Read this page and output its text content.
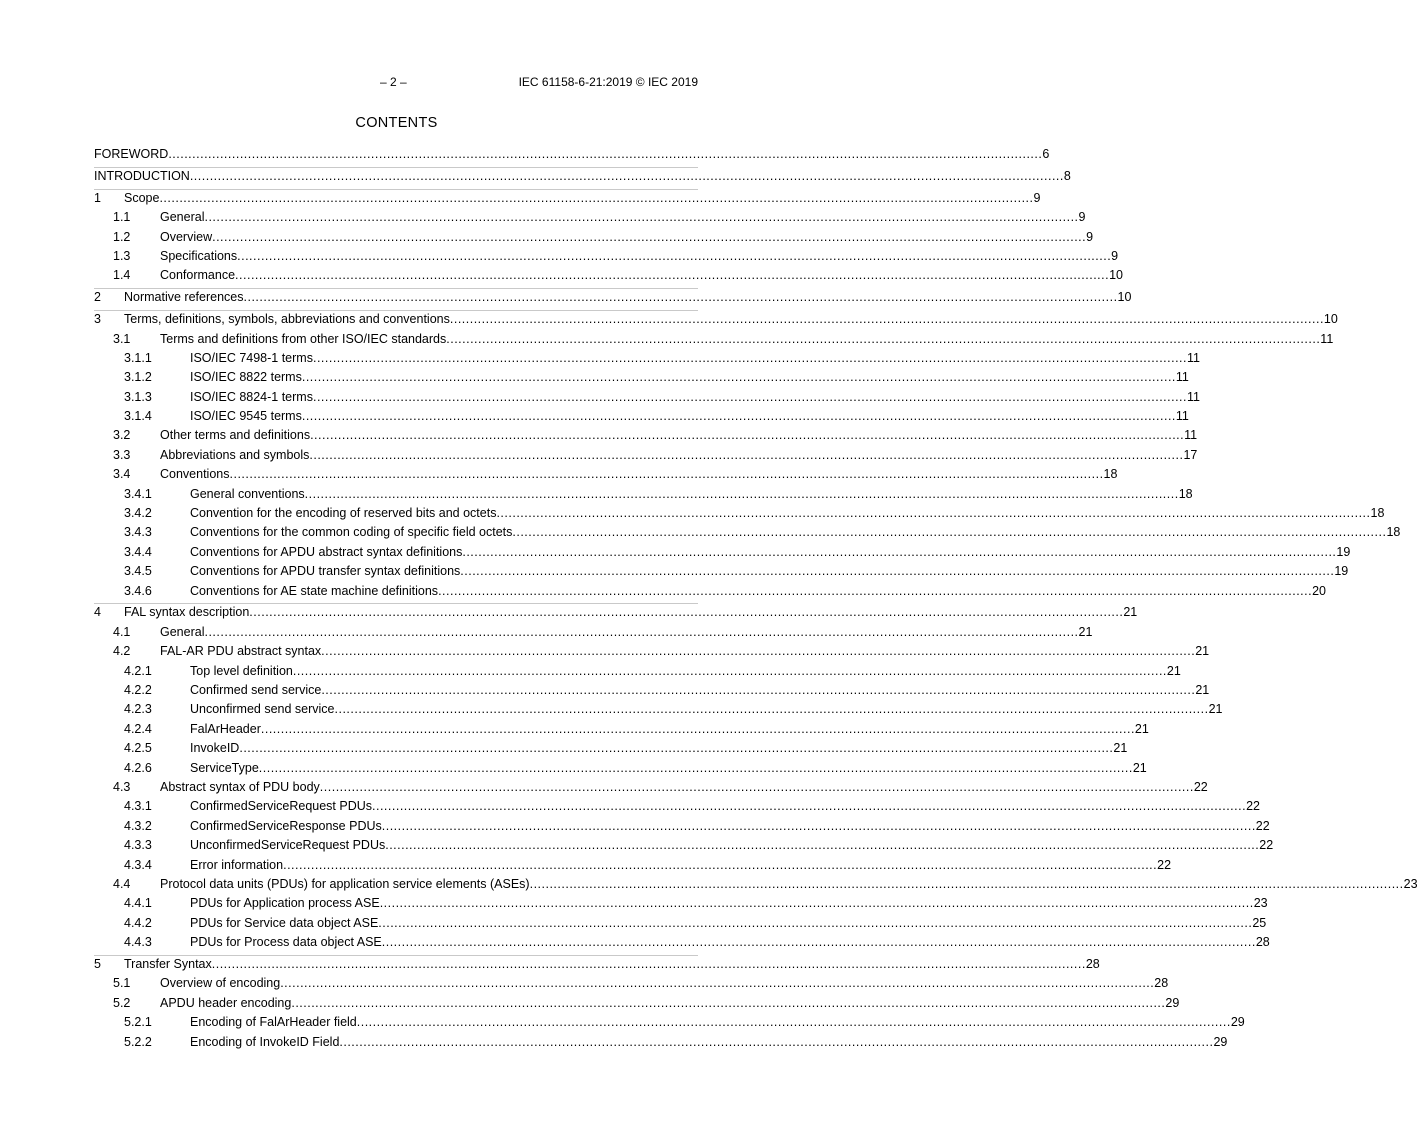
– 2 –	IEC 61158-6-21:2019 © IEC 2019
CONTENTS
FOREWORD ............................................................................................................................................................................................................................ 6
INTRODUCTION ............................................................................................................................................................................................................................ 8
1 Scope ............................................................................................................................................................................................................................ 9
1.1 General ............................................................................................................................................................................................................................ 9
1.2 Overview ............................................................................................................................................................................................................................ 9
1.3 Specifications ............................................................................................................................................................................................................................ 9
1.4 Conformance ............................................................................................................................................................................................................................ 10
2 Normative references ............................................................................................................................................................................................................................ 10
3 Terms, definitions, symbols, abbreviations and conventions ............................................................................................................................................................................................................................ 10
3.1 Terms and definitions from other ISO/IEC standards ............................................................................................................................................................................................................................ 11
3.1.1	ISO/IEC 7498-1 terms ............................................................................................................................................................................................................................ 11
3.1.2	ISO/IEC 8822 terms ............................................................................................................................................................................................................................ 11
3.1.3	ISO/IEC 8824-1 terms ............................................................................................................................................................................................................................ 11
3.1.4	ISO/IEC 9545 terms ............................................................................................................................................................................................................................ 11
3.2 Other terms and definitions ............................................................................................................................................................................................................................ 11
3.3 Abbreviations and symbols ............................................................................................................................................................................................................................ 17
3.4 Conventions ............................................................................................................................................................................................................................ 18
3.4.1	General conventions ............................................................................................................................................................................................................................ 18
3.4.2	Convention for the encoding of reserved bits and octets ............................................................................................................................................................................................................................ 18
3.4.3	Conventions for the common coding of specific field octets ............................................................................................................................................................................................................................ 18
3.4.4	Conventions for APDU abstract syntax definitions ............................................................................................................................................................................................................................ 19
3.4.5	Conventions for APDU transfer syntax definitions ............................................................................................................................................................................................................................ 19
3.4.6	Conventions for AE state machine definitions ............................................................................................................................................................................................................................ 20
4 FAL syntax description ............................................................................................................................................................................................................................ 21
4.1 General ............................................................................................................................................................................................................................ 21
4.2 FAL-AR PDU abstract syntax ............................................................................................................................................................................................................................ 21
4.2.1	Top level definition ............................................................................................................................................................................................................................ 21
4.2.2	Confirmed send service ............................................................................................................................................................................................................................ 21
4.2.3	Unconfirmed send service ............................................................................................................................................................................................................................ 21
4.2.4	FalArHeader ............................................................................................................................................................................................................................ 21
4.2.5	InvokeID ............................................................................................................................................................................................................................ 21
4.2.6	ServiceType ............................................................................................................................................................................................................................ 21
4.3 Abstract syntax of PDU body ............................................................................................................................................................................................................................ 22
4.3.1	ConfirmedServiceRequest PDUs ............................................................................................................................................................................................................................ 22
4.3.2	ConfirmedServiceResponse PDUs ............................................................................................................................................................................................................................ 22
4.3.3	UnconfirmedServiceRequest PDUs ............................................................................................................................................................................................................................ 22
4.3.4	Error information ............................................................................................................................................................................................................................ 22
4.4 Protocol data units (PDUs) for application service elements (ASEs) ............................................................................................................................................................................................................................ 23
4.4.1	PDUs for Application process ASE ............................................................................................................................................................................................................................ 23
4.4.2	PDUs for Service data object ASE ............................................................................................................................................................................................................................ 25
4.4.3	PDUs for Process data object ASE ............................................................................................................................................................................................................................ 28
5 Transfer Syntax ............................................................................................................................................................................................................................ 28
5.1 Overview of encoding ............................................................................................................................................................................................................................ 28
5.2 APDU header encoding ............................................................................................................................................................................................................................ 29
5.2.1	Encoding of FalArHeader field ............................................................................................................................................................................................................................ 29
5.2.2	Encoding of InvokeID Field ............................................................................................................................................................................................................................ 29
